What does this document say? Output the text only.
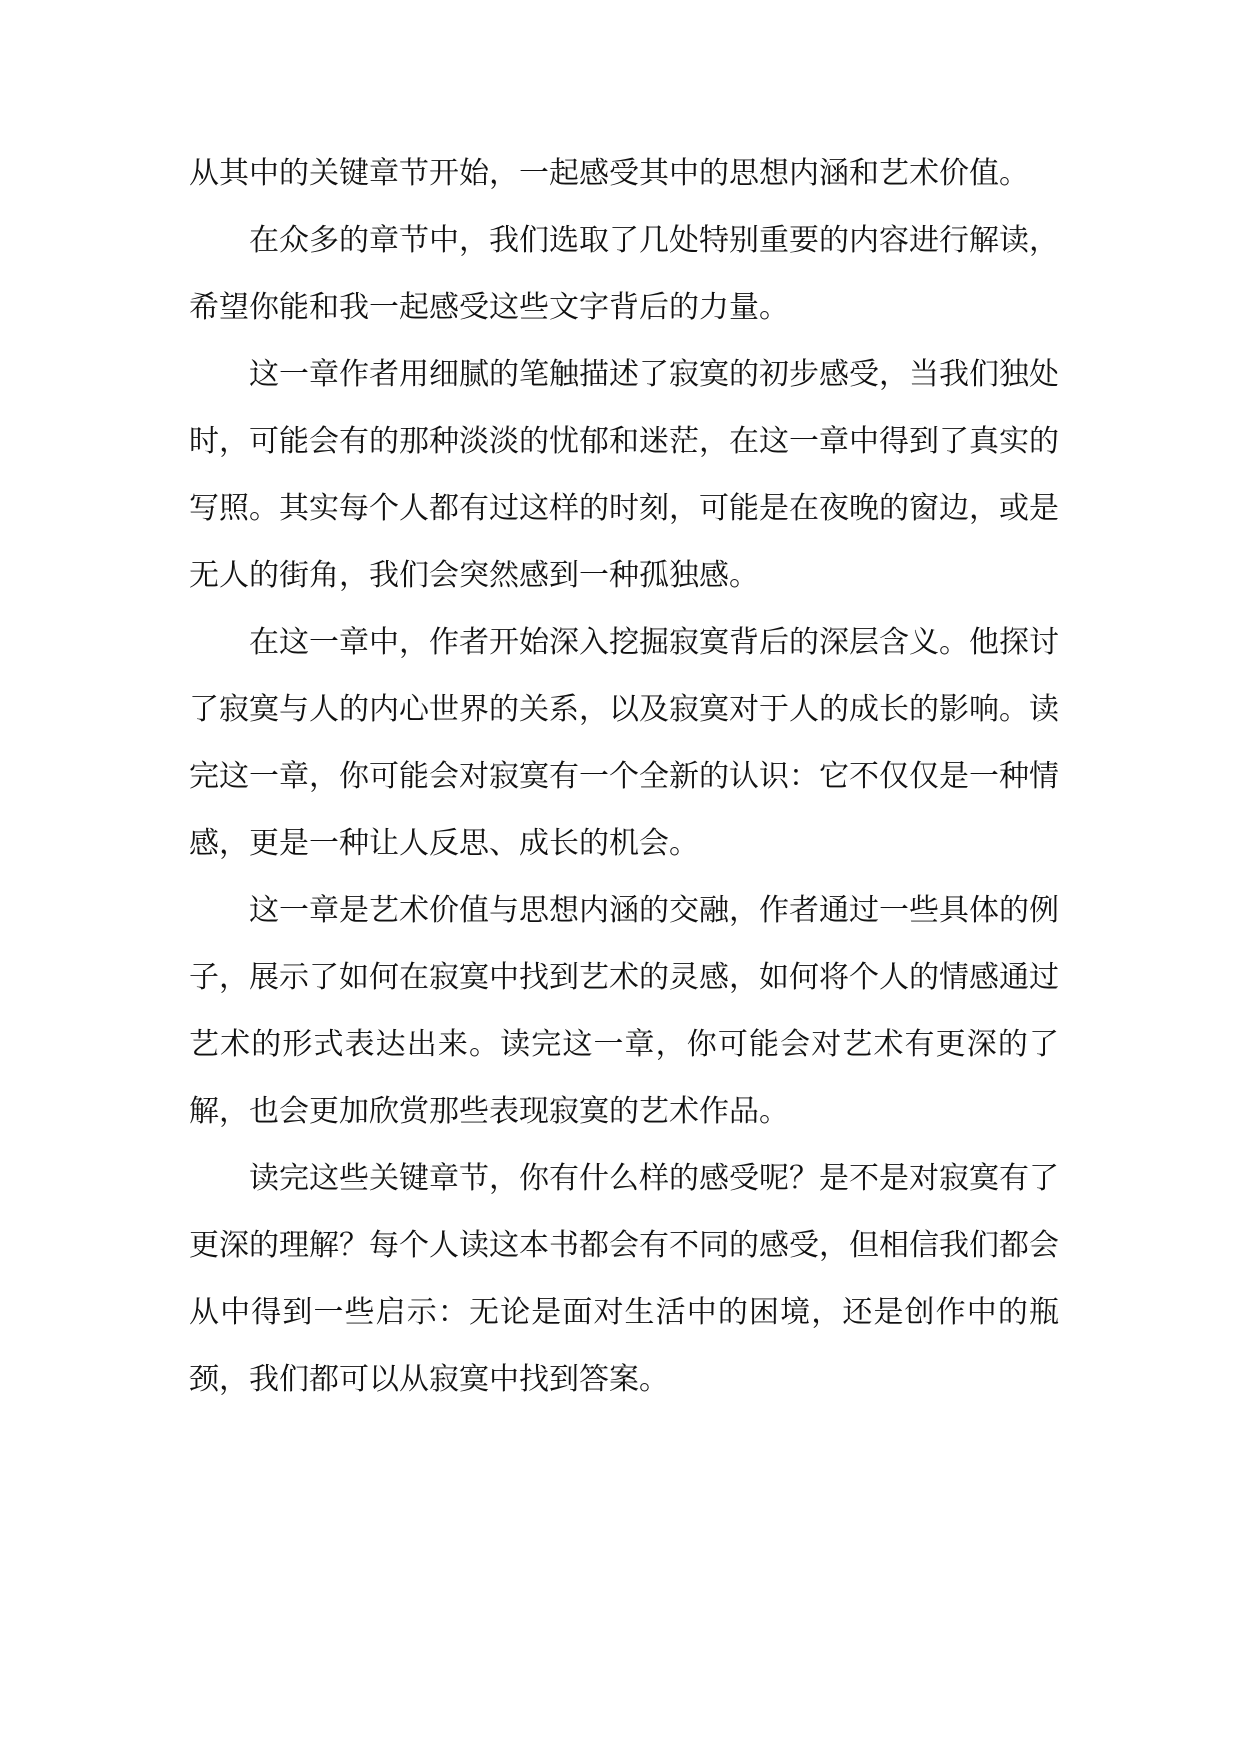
从其中的关键章节开始，一起感受其中的思想内涵和艺术价值。

在众多的章节中，我们选取了几处特别重要的内容进行解读，希望你能和我一起感受这些文字背后的力量。

这一章作者用细腻的笔触描述了寂寞的初步感受，当我们独处时，可能会有的那种淡淡的忧郁和迷茫，在这一章中得到了真实的写照。其实每个人都有过这样的时刻，可能是在夜晚的窗边，或是无人的街角，我们会突然感到一种孤独感。

在这一章中，作者开始深入挖掘寂寞背后的深层含义。他探讨了寂寞与人的内心世界的关系，以及寂寞对于人的成长的影响。读完这一章，你可能会对寂寞有一个全新的认识：它不仅仅是一种情感，更是一种让人反思、成长的机会。

这一章是艺术价值与思想内涵的交融，作者通过一些具体的例子，展示了如何在寂寞中找到艺术的灵感，如何将个人的情感通过艺术的形式表达出来。读完这一章，你可能会对艺术有更深的了解，也会更加欣赏那些表现寂寞的艺术作品。

读完这些关键章节，你有什么样的感受呢？是不是对寂寞有了更深的理解？每个人读这本书都会有不同的感受，但相信我们都会从中得到一些启示：无论是面对生活中的困境，还是创作中的瓶颈，我们都可以从寂寞中找到答案。
